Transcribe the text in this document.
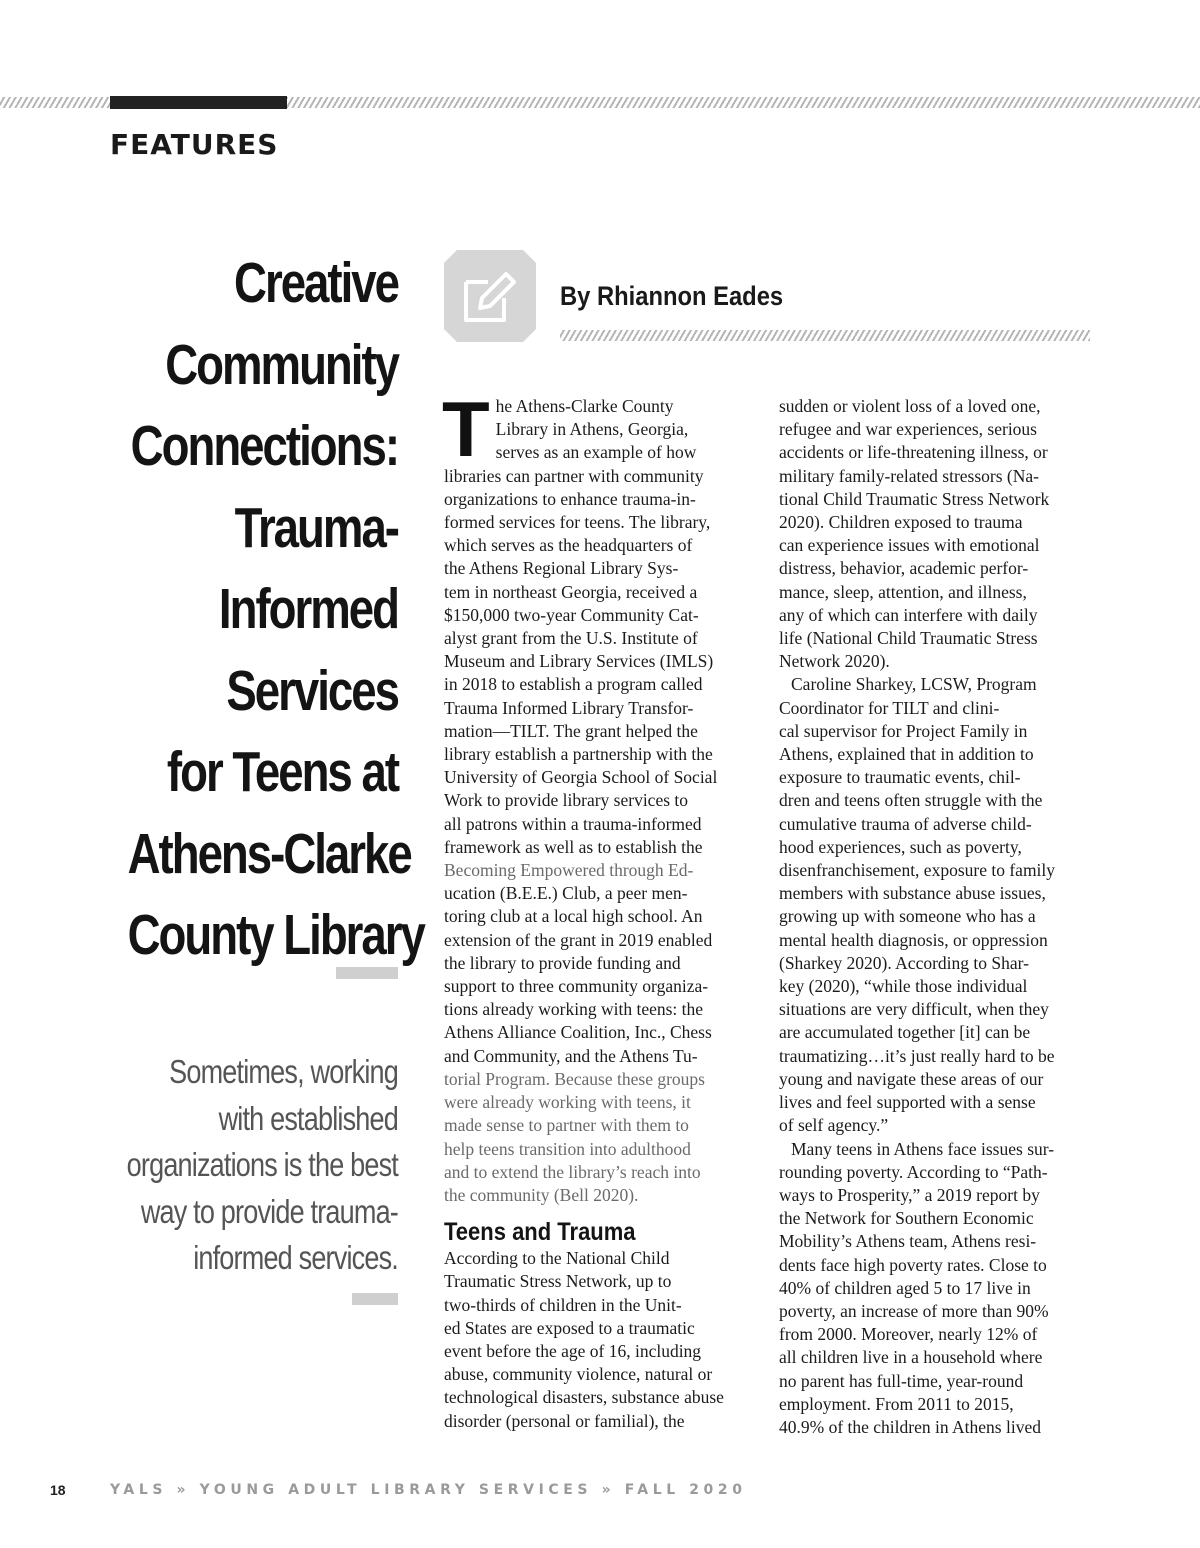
FEATURES
Creative
Community
Connections:
Trauma-
Informed
Services
for Teens at
Athens-Clarke
County Library
Sometimes, working
with established
organizations is the best
way to provide trauma-
informed services.

By Rhiannon Eades

T he Athens-Clarke County
Library in Athens, Georgia,
serves as an example of how
libraries can partner with community
organizations to enhance trauma-in-
formed services for teens. The library,
which serves as the headquarters of
the Athens Regional Library Sys-
tem in northeast Georgia, received a
$150,000 two-year Community Cat-
alyst grant from the U.S. Institute of
Museum and Library Services (IMLS)
in 2018 to establish a program called
Trauma Informed Library Transfor-
mation—TILT. The grant helped the
library establish a partnership with the
University of Georgia School of Social
Work to provide library services to
all patrons within a trauma-informed
framework as well as to establish the
Becoming Empowered through Ed-
ucation (B.E.E.) Club, a peer men-
toring club at a local high school. An
extension of the grant in 2019 enabled
the library to provide funding and
support to three community organiza-
tions already working with teens: the
Athens Alliance Coalition, Inc., Chess
and Community, and the Athens Tu-
torial Program. Because these groups
were already working with teens, it
made sense to partner with them to
help teens transition into adulthood
and to extend the library’s reach into
the community (Bell 2020).
Teens and Trauma
According to the National Child
Traumatic Stress Network, up to
two-thirds of children in the Unit-
ed States are exposed to a traumatic
event before the age of 16, including
abuse, community violence, natural or
technological disasters, substance abuse
disorder (personal or familial), the
sudden or violent loss of a loved one,
refugee and war experiences, serious
accidents or life-threatening illness, or
military family-related stressors (Na-
tional Child Traumatic Stress Network
2020). Children exposed to trauma
can experience issues with emotional
distress, behavior, academic perfor-
mance, sleep, attention, and illness,
any of which can interfere with daily
life (National Child Traumatic Stress
Network 2020).
Caroline Sharkey, LCSW, Program
Coordinator for TILT and clini-
cal supervisor for Project Family in
Athens, explained that in addition to
exposure to traumatic events, chil-
dren and teens often struggle with the
cumulative trauma of adverse child-
hood experiences, such as poverty,
disenfranchisement, exposure to family
members with substance abuse issues,
growing up with someone who has a
mental health diagnosis, or oppression
(Sharkey 2020). According to Shar-
key (2020), “while those individual
situations are very difficult, when they
are accumulated together [it] can be
traumatizing…it’s just really hard to be
young and navigate these areas of our
lives and feel supported with a sense
of self agency.”
Many teens in Athens face issues sur-
rounding poverty. According to “Path-
ways to Prosperity,” a 2019 report by
the Network for Southern Economic
Mobility’s Athens team, Athens resi-
dents face high poverty rates. Close to
40% of children aged 5 to 17 live in
poverty, an increase of more than 90%
from 2000. Moreover, nearly 12% of
all children live in a household where
no parent has full-time, year-round
employment. From 2011 to 2015,
40.9% of the children in Athens lived

18	YALS » YOUNG ADULT LIBRARY SERVICES » FALL 2020
